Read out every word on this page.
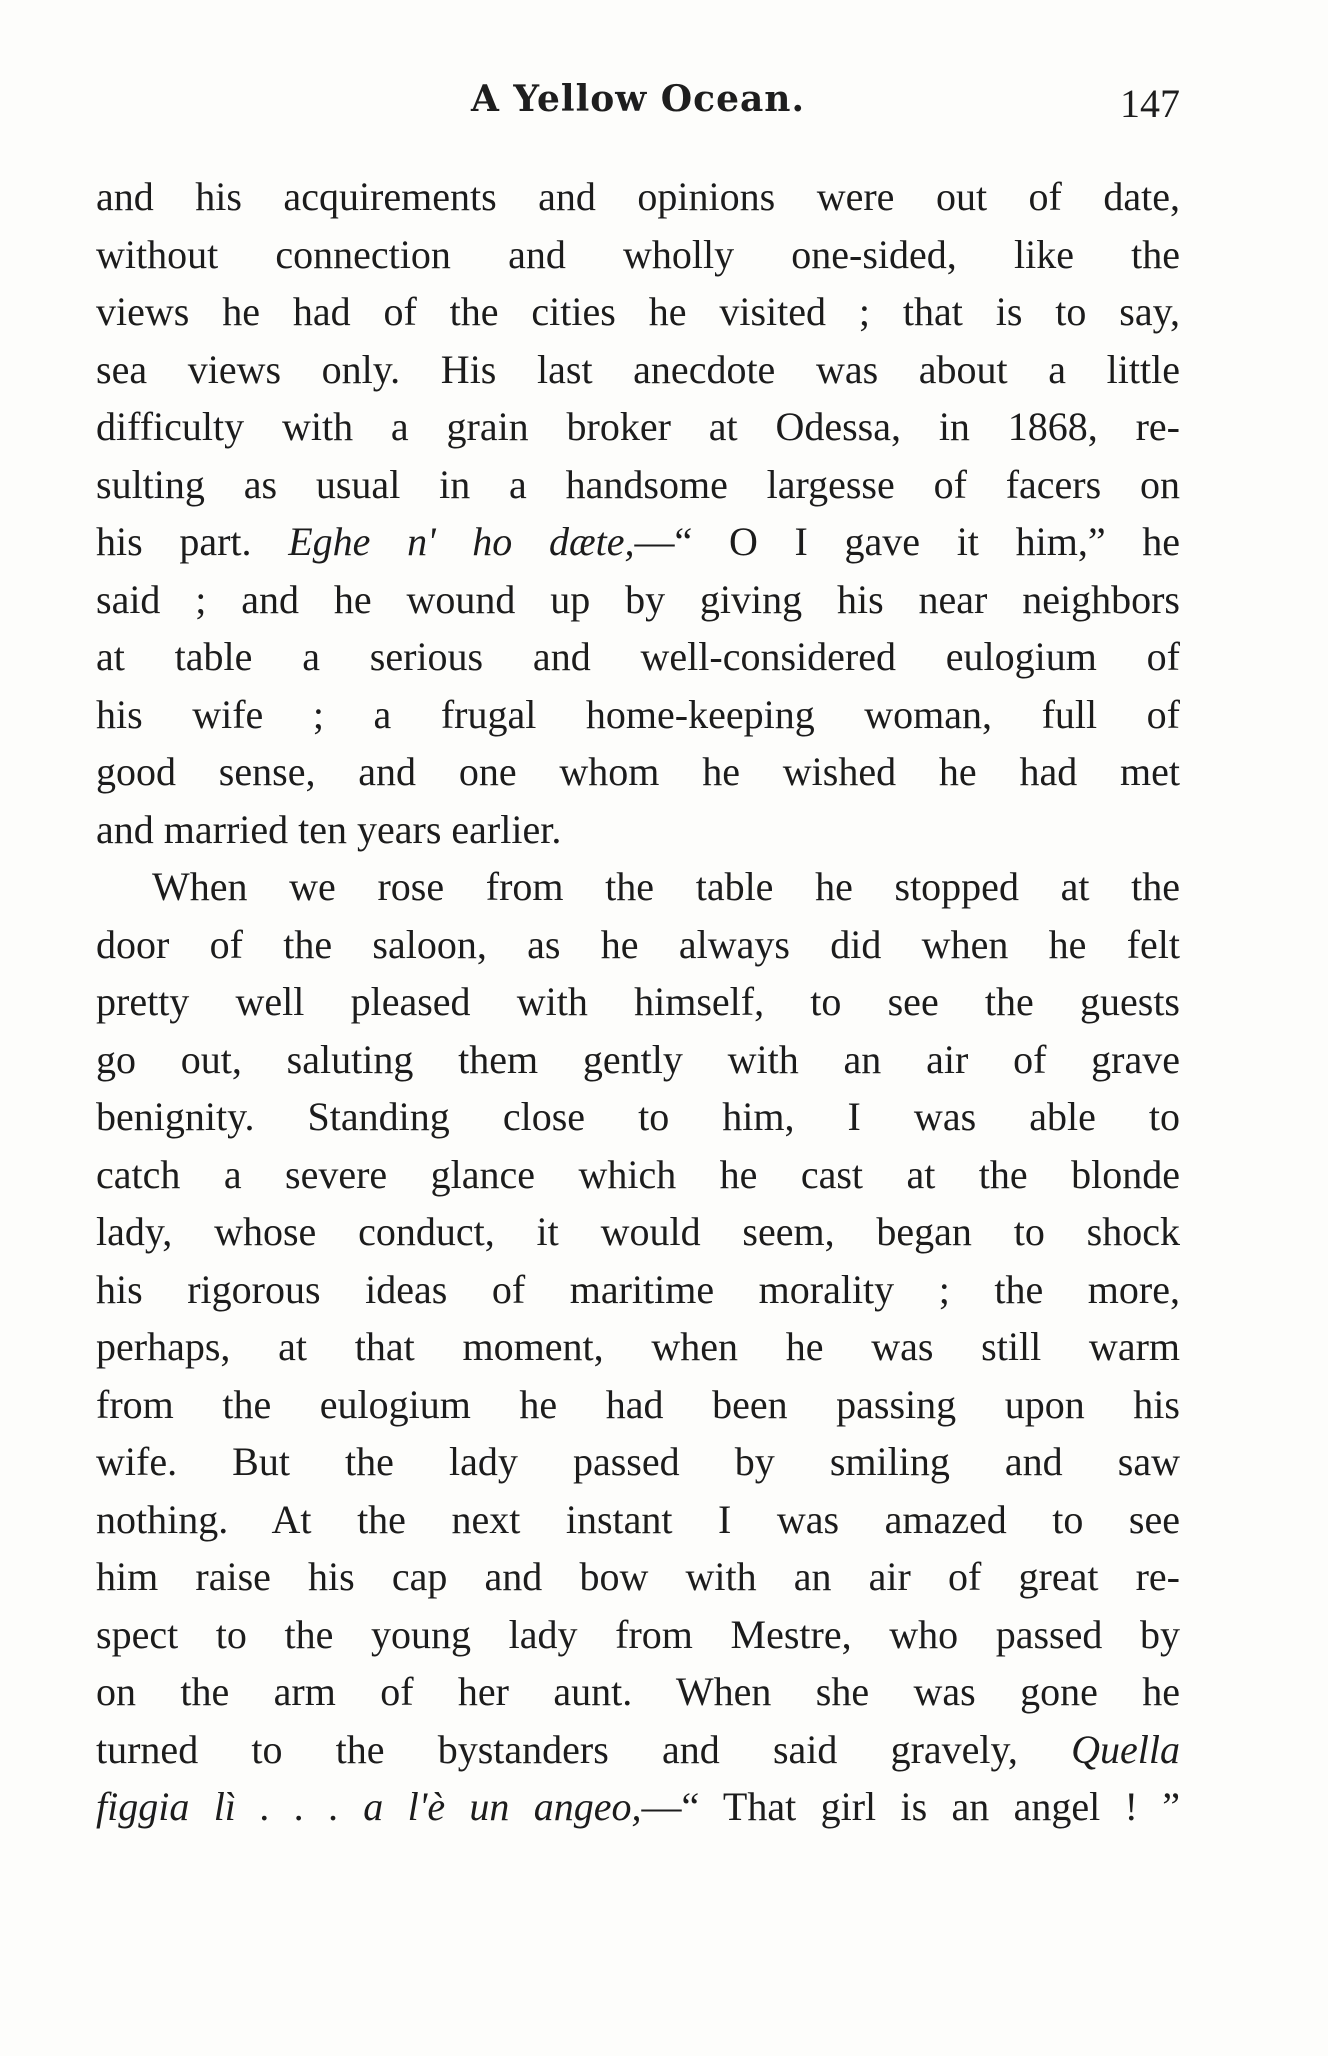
A Yellow Ocean.	147
and his acquirements and opinions were out of date,
without connection and wholly one-sided, like the
views he had of the cities he visited ; that is to say,
sea views only. His last anecdote was about a little
difficulty with a grain broker at Odessa, in 1868, re-
sulting as usual in a handsome largesse of facers on
his part. Eghe n' ho dæte,—“ O I gave it him,” he
said ; and he wound up by giving his near neighbors
at table a serious and well-considered eulogium of
his wife ; a frugal home-keeping woman, full of
good sense, and one whom he wished he had met
and married ten years earlier.
When we rose from the table he stopped at the
door of the saloon, as he always did when he felt
pretty well pleased with himself, to see the guests
go out, saluting them gently with an air of grave
benignity. Standing close to him, I was able to
catch a severe glance which he cast at the blonde
lady, whose conduct, it would seem, began to shock
his rigorous ideas of maritime morality ; the more,
perhaps, at that moment, when he was still warm
from the eulogium he had been passing upon his
wife. But the lady passed by smiling and saw
nothing. At the next instant I was amazed to see
him raise his cap and bow with an air of great re-
spect to the young lady from Mestre, who passed by
on the arm of her aunt. When she was gone he
turned to the bystanders and said gravely, Quella
figgia lì . . . a l'è un angeo,—“ That girl is an angel ! ”
